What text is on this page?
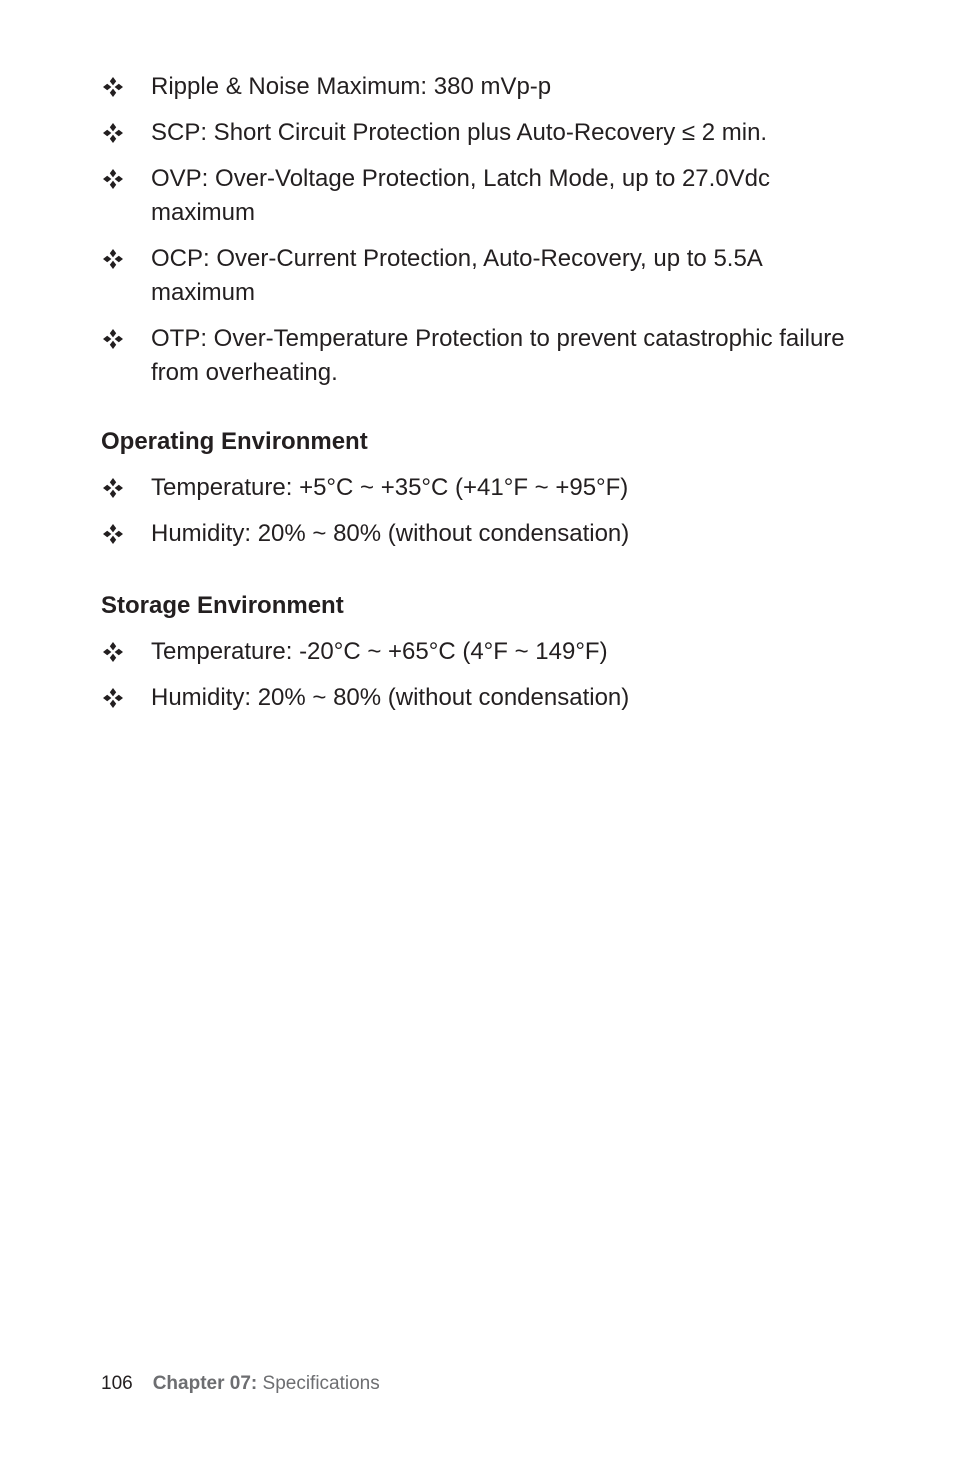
Ripple & Noise Maximum: 380 mVp-p
SCP: Short Circuit Protection plus Auto-Recovery ≤ 2 min.
OVP: Over-Voltage Protection, Latch Mode, up to 27.0Vdc maximum
OCP: Over-Current Protection, Auto-Recovery, up to 5.5A maximum
OTP: Over-Temperature Protection to prevent catastrophic failure from overheating.
Operating Environment
Temperature: +5°C ~ +35°C (+41°F ~ +95°F)
Humidity: 20% ~ 80% (without condensation)
Storage Environment
Temperature: -20°C ~ +65°C (4°F ~ 149°F)
Humidity: 20% ~ 80% (without condensation)
106 Chapter 07: Specifications
